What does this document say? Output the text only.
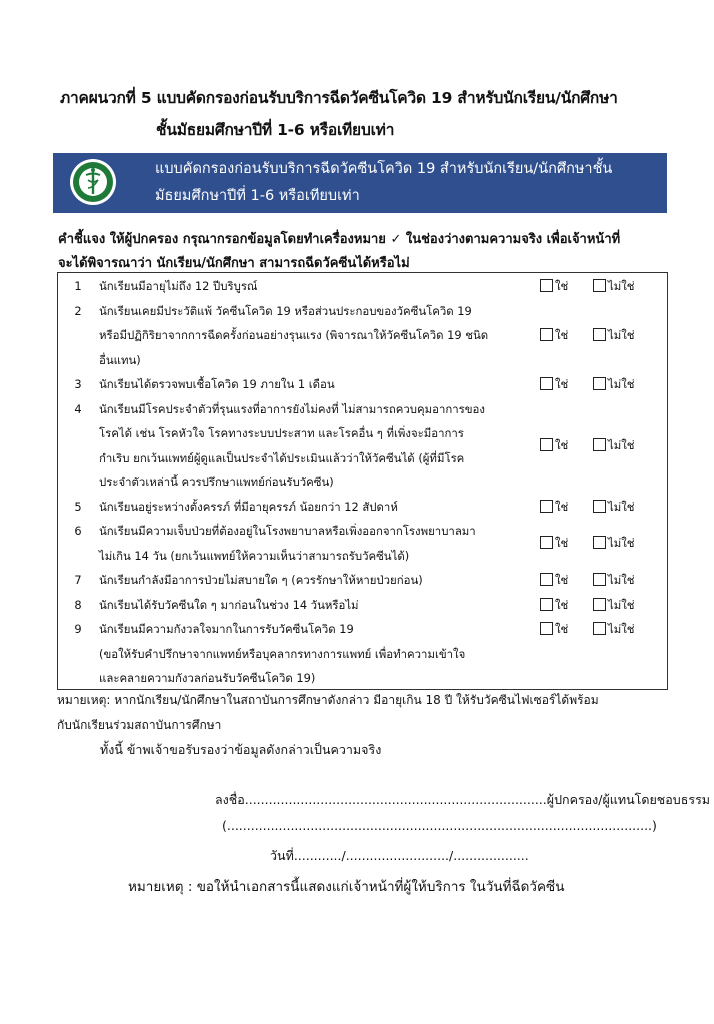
ภาคผนวกที่ 5 แบบคัดกรองก่อนรับบริการฉีดวัคซีนโควิด 19 สำหรับนักเรียน/นักศึกษา
ชั้นมัธยมศึกษาปีที่ 1-6 หรือเทียบเท่า
แบบคัดกรองก่อนรับบริการฉีดวัคซีนโควิด 19 สำหรับนักเรียน/นักศึกษาชั้น
มัธยมศึกษาปีที่ 1-6 หรือเทียบเท่า
คำชี้แจง ให้ผู้ปกครอง กรุณากรอกข้อมูลโดยทำเครื่องหมาย ✓ ในช่องว่างตามความจริง เพื่อเจ้าหน้าที่
จะได้พิจารณาว่า นักเรียน/นักศึกษา สามารถฉีดวัคซีนได้หรือไม่
1	นักเรียนมีอายุไม่ถึง 12 ปีบริบูรณ์	ใช่	ไม่ใช่
2	นักเรียนเคยมีประวัติแพ้ วัคซีนโควิด 19 หรือส่วนประกอบของวัคซีนโควิด 19
หรือมีปฏิกิริยาจากการฉีดครั้งก่อนอย่างรุนแรง (พิจารณาให้วัคซีนโควิด 19 ชนิด
อื่นแทน)
ใช่	ไม่ใช่
3	นักเรียนได้ตรวจพบเชื้อโควิด 19 ภายใน 1 เดือน	ใช่	ไม่ใช่
4	นักเรียนมีโรคประจำตัวที่รุนแรงที่อาการยังไม่คงที่ ไม่สามารถควบคุมอาการของ
โรคได้ เช่น โรคหัวใจ โรคทางระบบประสาท และโรคอื่น ๆ ที่เพิ่งจะมีอาการ
กำเริบ ยกเว้นแพทย์ผู้ดูแลเป็นประจำได้ประเมินแล้วว่าให้วัคซีนได้ (ผู้ที่มีโรค
ประจำตัวเหล่านี้ ควรปรึกษาแพทย์ก่อนรับวัคซีน)
ใช่	ไม่ใช่
5	นักเรียนอยู่ระหว่างตั้งครรภ์ ที่มีอายุครรภ์ น้อยกว่า 12 สัปดาห์	ใช่	ไม่ใช่
6	นักเรียนมีความเจ็บป่วยที่ต้องอยู่ในโรงพยาบาลหรือเพิ่งออกจากโรงพยาบาลมา
ไม่เกิน 14 วัน (ยกเว้นแพทย์ให้ความเห็นว่าสามารถรับวัคซีนได้)
ใช่	ไม่ใช่
7	นักเรียนกำลังมีอาการป่วยไม่สบายใด ๆ (ควรรักษาให้หายป่วยก่อน)	ใช่	ไม่ใช่
8	นักเรียนได้รับวัคซีนใด ๆ มาก่อนในช่วง 14 วันหรือไม่	ใช่	ไม่ใช่
9	นักเรียนมีความกังวลใจมากในการรับวัคซีนโควิด 19
(ขอให้รับคำปรึกษาจากแพทย์หรือบุคลากรทางการแพทย์ เพื่อทำความเข้าใจ
และคลายความกังวลก่อนรับวัคซีนโควิด 19)
ใช่	ไม่ใช่
หมายเหตุ: หากนักเรียน/นักศึกษาในสถาบันการศึกษาดังกล่าว มีอายุเกิน 18 ปี ให้รับวัคซีนไฟเซอร์ได้พร้อม
กับนักเรียนร่วมสถาบันการศึกษา
ทั้งนี้ ข้าพเจ้าขอรับรองว่าข้อมูลดังกล่าวเป็นความจริง
ลงชื่อ............................................................................ผู้ปกครอง/ผู้แทนโดยชอบธรรม
(...........................................................................................................)
วันที่............/........................../...................
หมายเหตุ : ขอให้นำเอกสารนี้แสดงแก่เจ้าหน้าที่ผู้ให้บริการ ในวันที่ฉีดวัคซีน
